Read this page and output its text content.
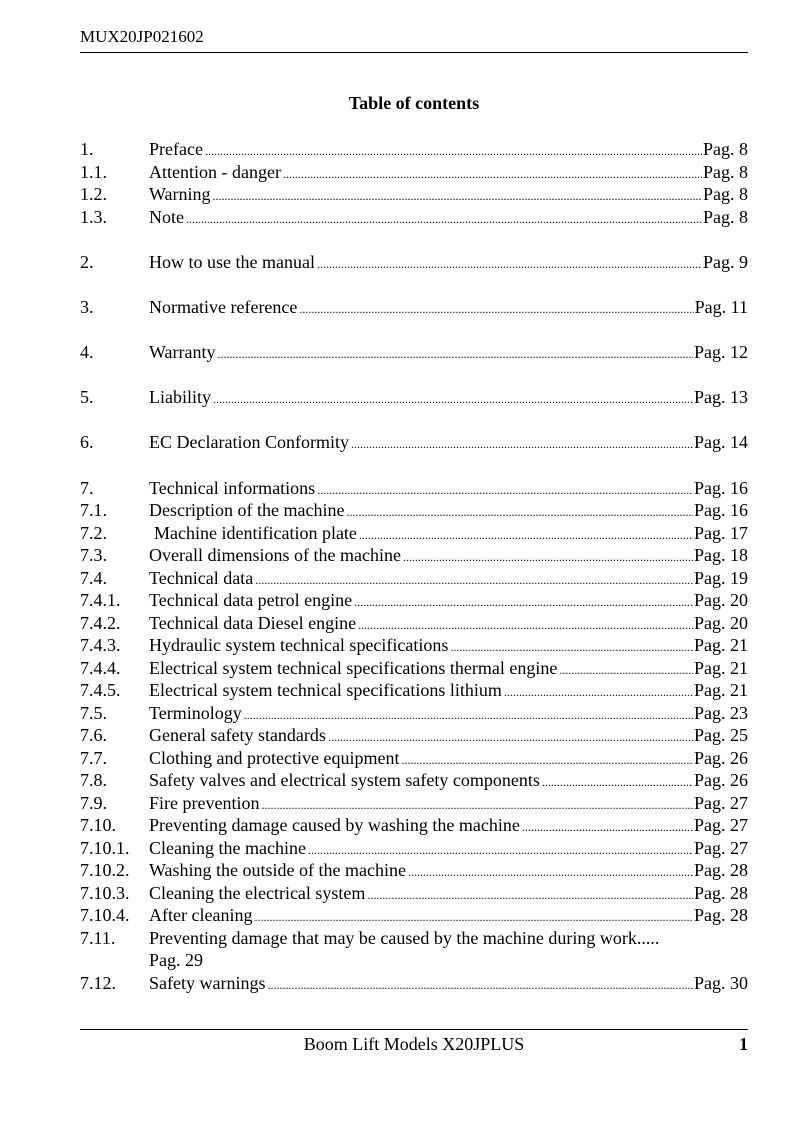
MUX20JP021602
Table of contents
1.	Preface .....	Pag. 8
1.1.	Attention - danger .....	Pag. 8
1.2.	Warning .....	Pag. 8
1.3.	Note .....	Pag. 8
2.	How to use the manual .....	Pag. 9
3.	Normative reference .....	Pag. 11
4.	Warranty .....	Pag. 12
5.	Liability .....	Pag. 13
6.	EC Declaration Conformity .....	Pag. 14
7.	Technical informations .....	Pag. 16
7.1.	Description of the machine .....	Pag. 16
7.2.	Machine identification plate .....	Pag. 17
7.3.	Overall dimensions of the machine .....	Pag. 18
7.4.	Technical data .....	Pag. 19
7.4.1.	Technical data petrol engine .....	Pag. 20
7.4.2.	Technical data Diesel engine .....	Pag. 20
7.4.3.	Hydraulic system technical specifications .....	Pag. 21
7.4.4.	Electrical system technical specifications thermal engine .....	Pag. 21
7.4.5.	Electrical system technical specifications lithium .....	Pag. 21
7.5.	Terminology .....	Pag. 23
7.6.	General safety standards .....	Pag. 25
7.7.	Clothing and protective equipment .....	Pag. 26
7.8.	Safety valves and electrical system safety components .....	Pag. 26
7.9.	Fire prevention .....	Pag. 27
7.10.	Preventing damage caused by washing the machine .....	Pag. 27
7.10.1.	Cleaning the machine .....	Pag. 27
7.10.2.	Washing the outside of the machine .....	Pag. 28
7.10.3.	Cleaning the electrical system .....	Pag. 28
7.10.4.	After cleaning .....	Pag. 28
7.11.	Preventing damage that may be caused by the machine during work.....
Pag. 29
7.12.	Safety warnings .....	Pag. 30
Boom Lift Models X20JPLUS	1
